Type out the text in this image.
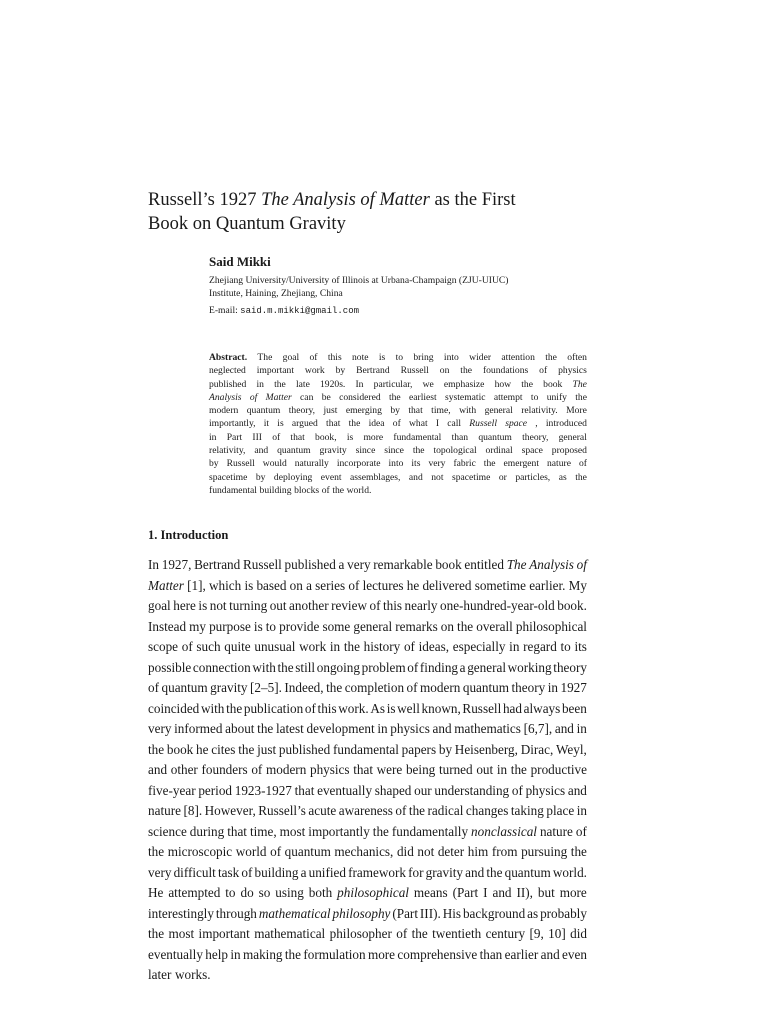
Russell’s 1927 The Analysis of Matter as the First
Book on Quantum Gravity
Said Mikki
Zhejiang University/University of Illinois at Urbana-Champaign (ZJU-UIUC)
Institute, Haining, Zhejiang, China
E-mail: said.m.mikki@gmail.com
Abstract. The goal of this note is to bring into wider attention the often
neglected important work by Bertrand Russell on the foundations of physics
published in the late 1920s. In particular, we emphasize how the book The
Analysis of Matter can be considered the earliest systematic attempt to unify the
modern quantum theory, just emerging by that time, with general relativity. More
importantly, it is argued that the idea of what I call Russell space , introduced
in Part III of that book, is more fundamental than quantum theory, general
relativity, and quantum gravity since since the topological ordinal space proposed
by Russell would naturally incorporate into its very fabric the emergent nature of
spacetime by deploying event assemblages, and not spacetime or particles, as the
fundamental building blocks of the world.
1. Introduction
In 1927, Bertrand Russell published a very remarkable book entitled The Analysis of
Matter [1], which is based on a series of lectures he delivered sometime earlier. My
goal here is not turning out another review of this nearly one-hundred-year-old book.
Instead my purpose is to provide some general remarks on the overall philosophical
scope of such quite unusual work in the history of ideas, especially in regard to its
possible connection with the still ongoing problem of finding a general working theory
of quantum gravity [2–5]. Indeed, the completion of modern quantum theory in 1927
coincided with the publication of this work. As is well known, Russell had always been
very informed about the latest development in physics and mathematics [6,7], and in
the book he cites the just published fundamental papers by Heisenberg, Dirac, Weyl,
and other founders of modern physics that were being turned out in the productive
five-year period 1923-1927 that eventually shaped our understanding of physics and
nature [8]. However, Russell’s acute awareness of the radical changes taking place in
science during that time, most importantly the fundamentally nonclassical nature of
the microscopic world of quantum mechanics, did not deter him from pursuing the
very difficult task of building a unified framework for gravity and the quantum world.
He attempted to do so using both philosophical means (Part I and II), but more
interestingly through mathematical philosophy (Part III). His background as probably
the most important mathematical philosopher of the twentieth century [9, 10] did
eventually help in making the formulation more comprehensive than earlier and even
later works.
